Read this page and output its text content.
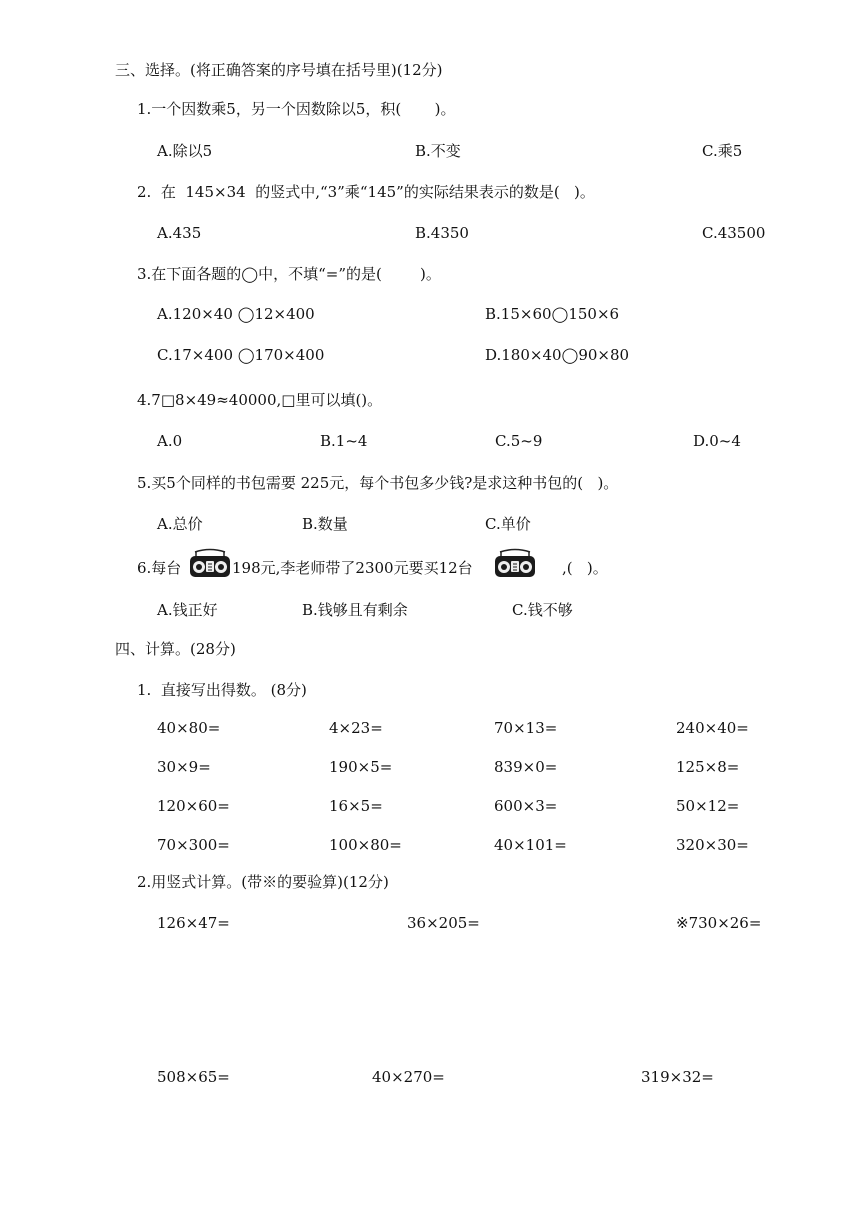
三、选择。(将正确答案的序号填在括号里)(12分)
1.一个因数乘5，另一个因数除以5，积(       )。
A.除以5	B.不变	C.乘5
2.  在  145×34  的竖式中,“3”乘“145”的实际结果表示的数是(   )。
A.435	B.4350	C.43500
3.在下面各题的◯中，不填“=”的是(        )。
A.120×40 ◯12×400	B.15×60◯150×6
C.17×400 ◯170×400	D.180×40◯90×80
4.7□8×49≈40000,□里可以填()。
A.0	B.1~4	C.5~9	D.0~4
5.买5个同样的书包需要 225元，每个书包多少钱?是求这种书包的(   )。
A.总价	B.数量	C.单价
6.每台	198元,李老师带了2300元要买12台	,(   )。
A.钱正好	B.钱够且有剩余	C.钱不够
四、计算。(28分)
1.  直接写出得数。 (8分)
40×80=	4×23=	70×13=	240×40=
30×9=	190×5=	839×0=	125×8=
120×60=	16×5=	600×3=	50×12=
70×300=	100×80=	40×101=	320×30=
2.用竖式计算。(带※的要验算)(12分)
126×47=	36×205=	※730×26=
508×65=	40×270=	319×32=
